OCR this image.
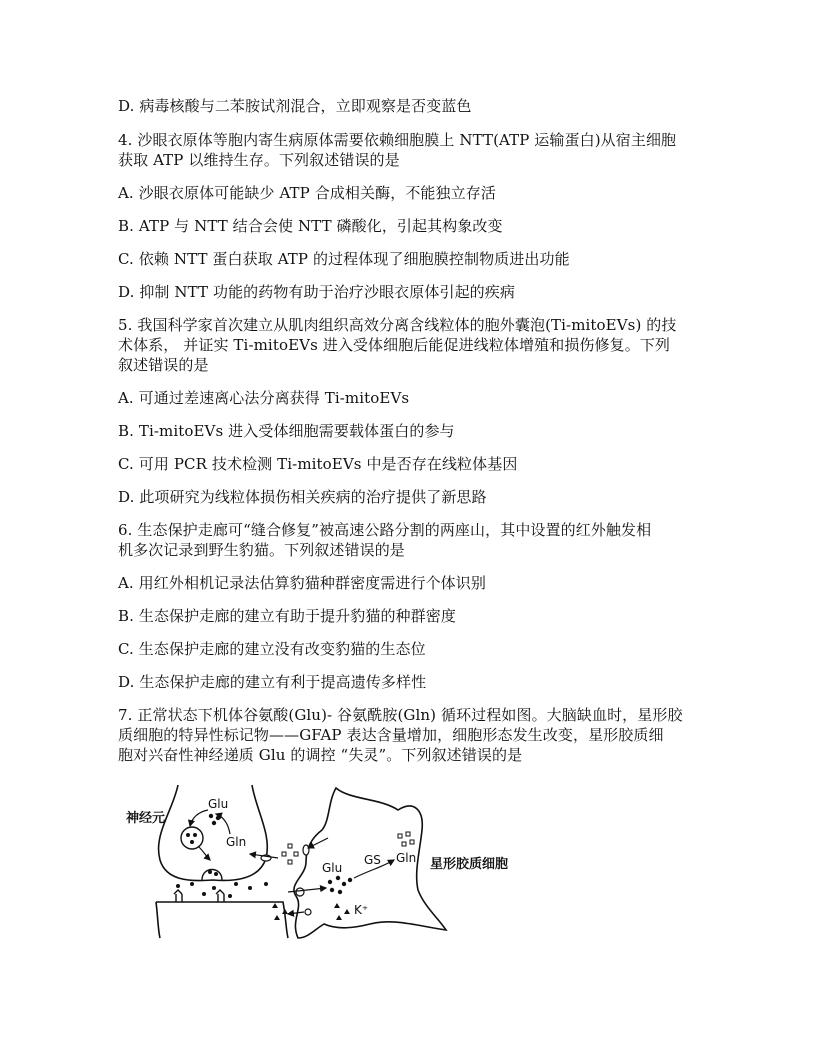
D. 病毒核酸与二苯胺试剂混合，立即观察是否变蓝色

4. 沙眼衣原体等胞内寄生病原体需要依赖细胞膜上 NTT(ATP 运输蛋白)从宿主细胞

获取 ATP 以维持生存。下列叙述错误的是

A. 沙眼衣原体可能缺少 ATP 合成相关酶，不能独立存活

B. ATP 与 NTT 结合会使 NTT 磷酸化，引起其构象改变

C. 依赖 NTT 蛋白获取 ATP 的过程体现了细胞膜控制物质进出功能

D. 抑制 NTT 功能的药物有助于治疗沙眼衣原体引起的疾病

5. 我国科学家首次建立从肌肉组织高效分离含线粒体的胞外囊泡(Ti-mitoEVs) 的技

术体系， 并证实 Ti-mitoEVs 进入受体细胞后能促进线粒体增殖和损伤修复。下列

叙述错误的是

A. 可通过差速离心法分离获得 Ti-mitoEVs

B. Ti-mitoEVs 进入受体细胞需要载体蛋白的参与

C. 可用 PCR 技术检测 Ti-mitoEVs 中是否存在线粒体基因

D. 此项研究为线粒体损伤相关疾病的治疗提供了新思路

6. 生态保护走廊可“缝合修复”被高速公路分割的两座山，其中设置的红外触发相

机多次记录到野生豹猫。下列叙述错误的是

A. 用红外相机记录法估算豹猫种群密度需进行个体识别

B. 生态保护走廊的建立有助于提升豹猫的种群密度

C. 生态保护走廊的建立没有改变豹猫的生态位

D. 生态保护走廊的建立有利于提高遗传多样性

7. 正常状态下机体谷氨酸(Glu)- 谷氨酰胺(Gln) 循环过程如图。大脑缺血时，星形胶

质细胞的特异性标记物——GFAP 表达含量增加，细胞形态发生改变，星形胶质细

胞对兴奋性神经递质 Glu 的调控 “失灵”。下列叙述错误的是

神经元
星形胶质细胞
Glu
Gln
Glu
GS Gln
K⁺
